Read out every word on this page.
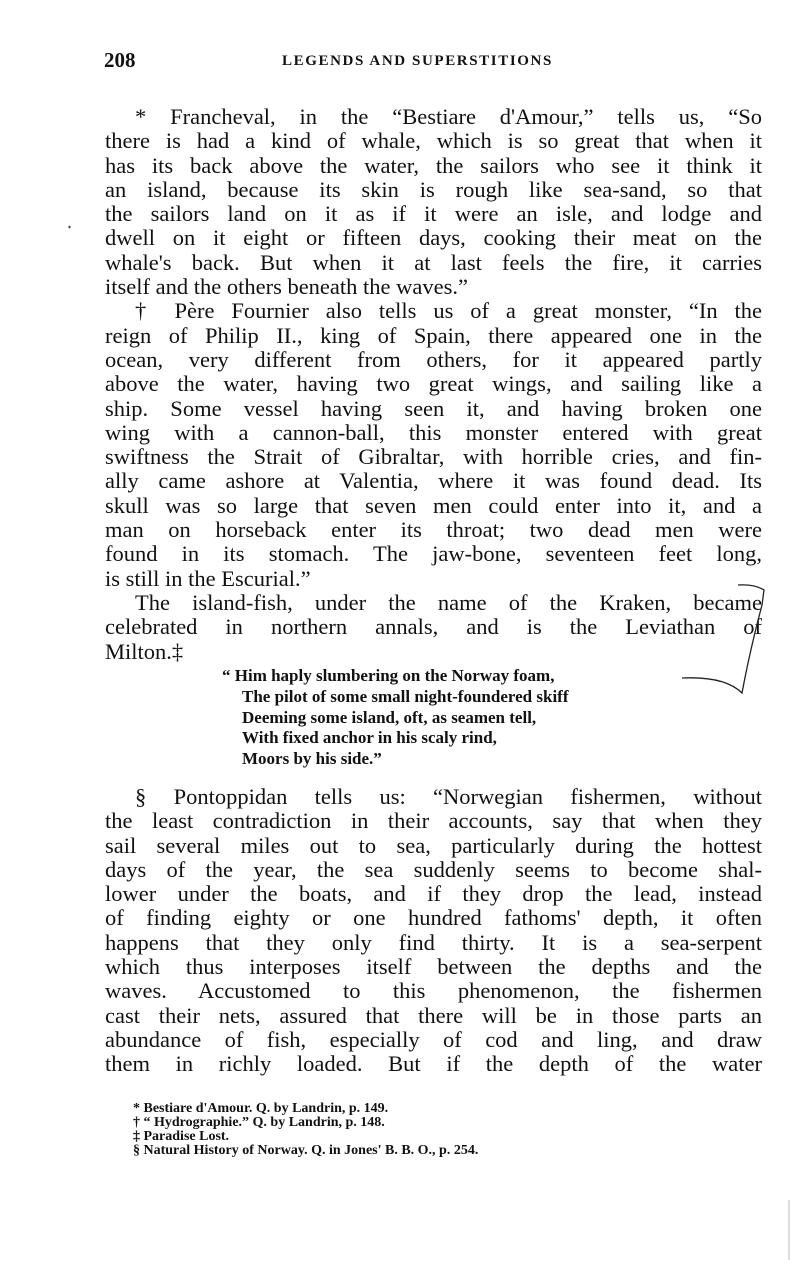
208	LEGENDS AND SUPERSTITIONS
* Francheval, in the “Bestiare d'Amour,” tells us, “So
there is had a kind of whale, which is so great that when it
has its back above the water, the sailors who see it think it
an island, because its skin is rough like sea-sand, so that
the sailors land on it as if it were an isle, and lodge and
dwell on it eight or fifteen days, cooking their meat on the
whale's back. But when it at last feels the fire, it carries
itself and the others beneath the waves.”
† Père Fournier also tells us of a great monster, “In the
reign of Philip II., king of Spain, there appeared one in the
ocean, very different from others, for it appeared partly
above the water, having two great wings, and sailing like a
ship. Some vessel having seen it, and having broken one
wing with a cannon-ball, this monster entered with great
swiftness the Strait of Gibraltar, with horrible cries, and fin-
ally came ashore at Valentia, where it was found dead. Its
skull was so large that seven men could enter into it, and a
man on horseback enter its throat; two dead men were
found in its stomach. The jaw-bone, seventeen feet long,
is still in the Escurial.”
The island-fish, under the name of the Kraken, became
celebrated in northern annals, and is the Leviathan of
Milton.‡
“ Him haply slumbering on the Norway foam,
The pilot of some small night-foundered skiff
Deeming some island, oft, as seamen tell,
With fixed anchor in his scaly rind,
Moors by his side.”
§ Pontoppidan tells us: “Norwegian fishermen, without
the least contradiction in their accounts, say that when they
sail several miles out to sea, particularly during the hottest
days of the year, the sea suddenly seems to become shal-
lower under the boats, and if they drop the lead, instead
of finding eighty or one hundred fathoms' depth, it often
happens that they only find thirty. It is a sea-serpent
which thus interposes itself between the depths and the
waves. Accustomed to this phenomenon, the fishermen
cast their nets, assured that there will be in those parts an
abundance of fish, especially of cod and ling, and draw
them in richly loaded. But if the depth of the water
* Bestiare d'Amour. Q. by Landrin, p. 149.
† “ Hydrographie.” Q. by Landrin, p. 148.
‡ Paradise Lost.
§ Natural History of Norway. Q. in Jones' B. B. O., p. 254.
